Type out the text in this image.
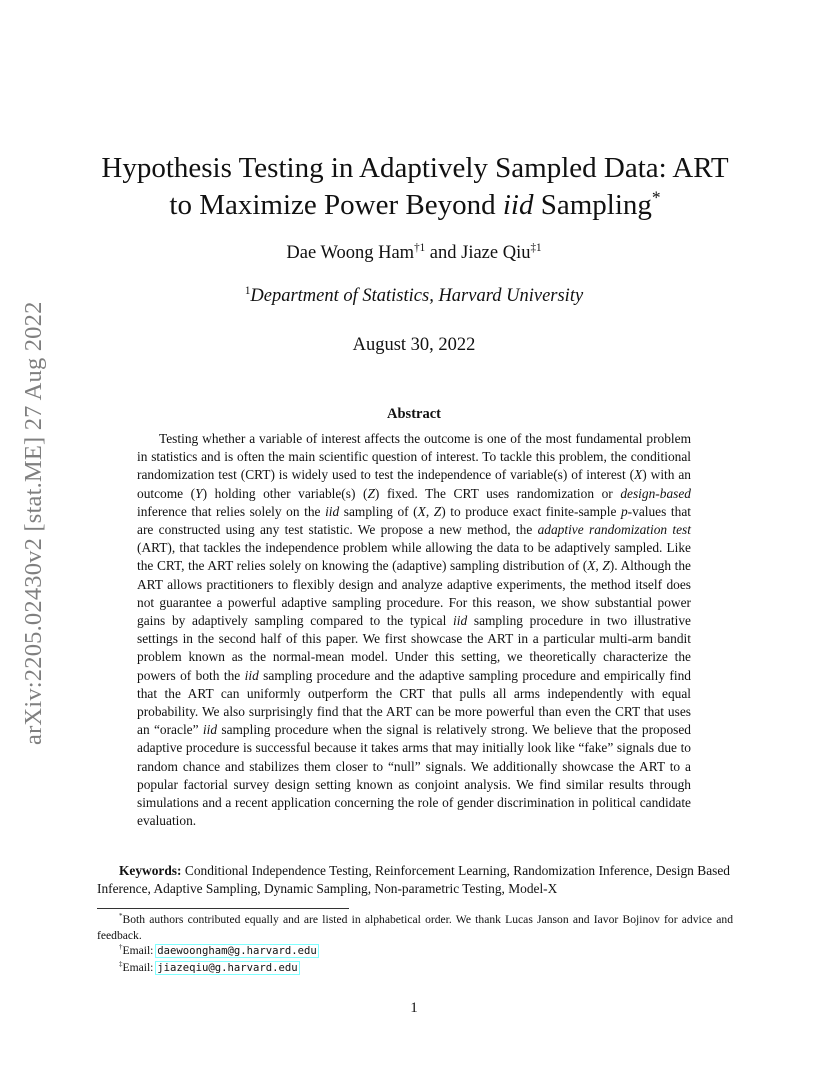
arXiv:2205.02430v2 [stat.ME] 27 Aug 2022
Hypothesis Testing in Adaptively Sampled Data: ART
to Maximize Power Beyond iid Sampling*
Dae Woong Ham$^{\dagger 1}$ and Jiaze Qiu$^{\ddagger 1}$
$^1$Department of Statistics, Harvard University
August 30, 2022
Abstract

Testing whether a variable of interest affects the outcome is one of the most fundamental problem in statistics and is often the main scientific question of interest. To tackle this problem, the conditional randomization test (CRT) is widely used to test the independence of variable(s) of interest (X) with an outcome (Y) holding other variable(s) (Z) fixed. The CRT uses randomization or design-based inference that relies solely on the iid sampling of (X, Z) to produce exact finite-sample p-values that are constructed using any test statistic. We propose a new method, the adaptive randomization test (ART), that tackles the independence problem while allowing the data to be adaptively sampled. Like the CRT, the ART relies solely on knowing the (adaptive) sampling distribution of (X, Z). Although the ART allows practitioners to flexibly design and analyze adaptive experiments, the method itself does not guarantee a powerful adaptive sampling procedure. For this reason, we show substantial power gains by adaptively sampling compared to the typical iid sampling procedure in two illustrative settings in the second half of this paper. We first showcase the ART in a particular multi-arm bandit problem known as the normal-mean model. Under this setting, we theoretically characterize the powers of both the iid sampling procedure and the adaptive sampling procedure and empirically find that the ART can uniformly outperform the CRT that pulls all arms independently with equal probability. We also surprisingly find that the ART can be more powerful than even the CRT that uses an “oracle” iid sampling procedure when the signal is relatively strong. We believe that the proposed adaptive procedure is successful because it takes arms that may initially look like “fake” signals due to random chance and stabilizes them closer to “null” signals. We additionally showcase the ART to a popular factorial survey design setting known as conjoint analysis. We find similar results through simulations and a recent application concerning the role of gender discrimination in political candidate evaluation.

Keywords: Conditional Independence Testing, Reinforcement Learning, Randomization Inference, Design Based Inference, Adaptive Sampling, Dynamic Sampling, Non-parametric Testing, Model-X

*Both authors contributed equally and are listed in alphabetical order. We thank Lucas Janson and Iavor Bojinov for advice and feedback.

†Email: daewoongham@g.harvard.edu

‡Email: jiazeqiu@g.harvard.edu

1
